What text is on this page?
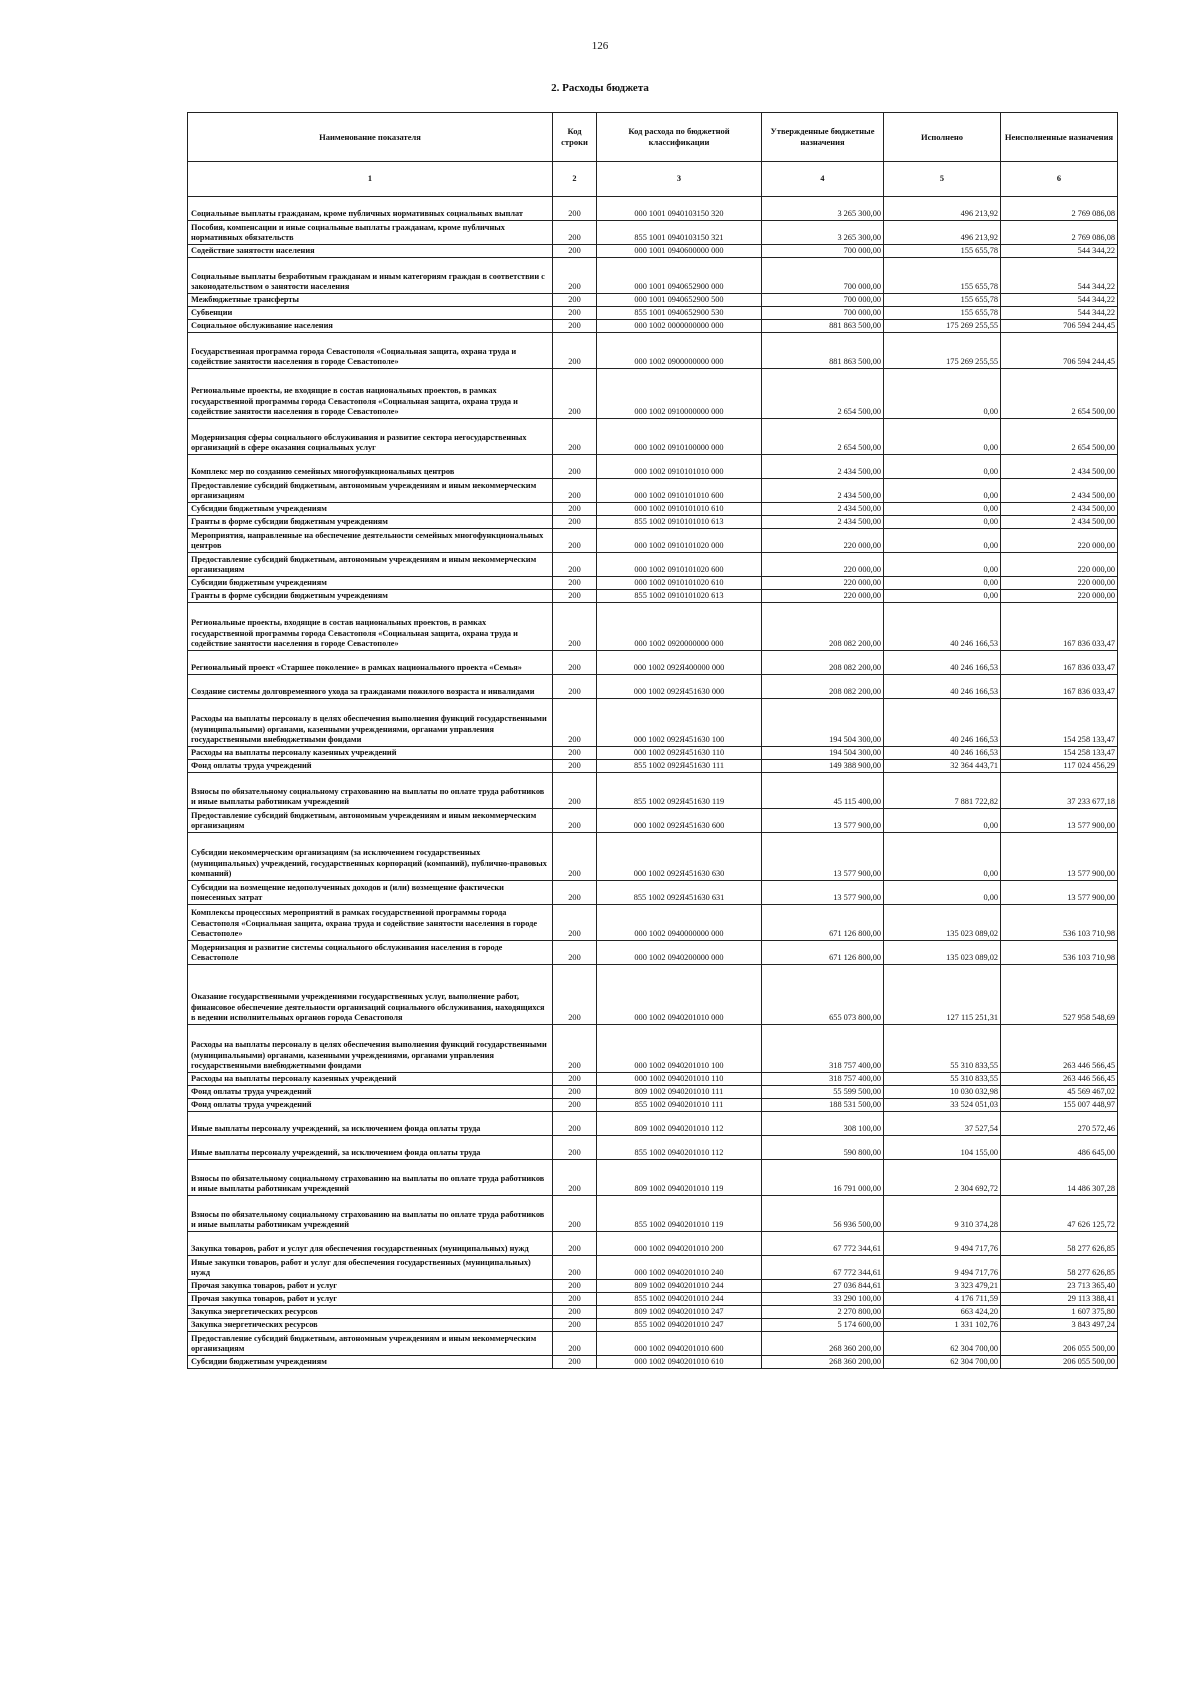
126
2. Расходы бюджета
Наименование показателя	Код строки	Код расхода по бюджетной классификации	Утвержденные бюджетные назначения	Исполнено	Неисполненные назначения
1	2	3	4	5	6
Социальные выплаты гражданам, кроме публичных нормативных социальных выплат	200	000 1001 0940103150 320	3 265 300,00	496 213,92	2 769 086,08
Пособия, компенсации и иные социальные выплаты гражданам, кроме публичных нормативных обязательств	200	855 1001 0940103150 321	3 265 300,00	496 213,92	2 769 086,08
Содействие занятости населения	200	000 1001 0940600000 000	700 000,00	155 655,78	544 344,22
Социальные выплаты безработным гражданам и иным категориям граждан в соответствии с законодательством о занятости населения	200	000 1001 0940652900 000	700 000,00	155 655,78	544 344,22
Межбюджетные трансферты	200	000 1001 0940652900 500	700 000,00	155 655,78	544 344,22
Субвенции	200	855 1001 0940652900 530	700 000,00	155 655,78	544 344,22
Социальное обслуживание населения	200	000 1002 0000000000 000	881 863 500,00	175 269 255,55	706 594 244,45
Государственная программа города Севастополя «Социальная защита, охрана труда и содействие занятости населения в городе Севастополе»	200	000 1002 0900000000 000	881 863 500,00	175 269 255,55	706 594 244,45
Региональные проекты, не входящие в состав национальных проектов, в рамках государственной программы города Севастополя «Социальная защита, охрана труда и содействие занятости населения в городе Севастополе»	200	000 1002 0910000000 000	2 654 500,00	0,00	2 654 500,00
Модернизация сферы социального обслуживания и развитие сектора негосударственных организаций в сфере оказания социальных услуг	200	000 1002 0910100000 000	2 654 500,00	0,00	2 654 500,00
Комплекс мер по созданию семейных многофункциональных центров	200	000 1002 0910101010 000	2 434 500,00	0,00	2 434 500,00
Предоставление субсидий бюджетным, автономным учреждениям и иным некоммерческим организациям	200	000 1002 0910101010 600	2 434 500,00	0,00	2 434 500,00
Субсидии бюджетным учреждениям	200	000 1002 0910101010 610	2 434 500,00	0,00	2 434 500,00
Гранты в форме субсидии бюджетным учреждениям	200	855 1002 0910101010 613	2 434 500,00	0,00	2 434 500,00
Мероприятия, направленные на обеспечение деятельности семейных многофункциональных центров	200	000 1002 0910101020 000	220 000,00	0,00	220 000,00
Предоставление субсидий бюджетным, автономным учреждениям и иным некоммерческим организациям	200	000 1002 0910101020 600	220 000,00	0,00	220 000,00
Субсидии бюджетным учреждениям	200	000 1002 0910101020 610	220 000,00	0,00	220 000,00
Гранты в форме субсидии бюджетным учреждениям	200	855 1002 0910101020 613	220 000,00	0,00	220 000,00
Региональные проекты, входящие в состав национальных проектов, в рамках государственной программы города Севастополя «Социальная защита, охрана труда и содействие занятости населения в городе Севастополе»	200	000 1002 0920000000 000	208 082 200,00	40 246 166,53	167 836 033,47
Региональный проект «Старшее поколение» в рамках национального проекта «Семья»	200	000 1002 092Я400000 000	208 082 200,00	40 246 166,53	167 836 033,47
Создание системы долговременного ухода за гражданами пожилого возраста и инвалидами	200	000 1002 092Я451630 000	208 082 200,00	40 246 166,53	167 836 033,47
Расходы на выплаты персоналу в целях обеспечения выполнения функций государственными (муниципальными) органами, казенными учреждениями, органами управления государственными внебюджетными фондами	200	000 1002 092Я451630 100	194 504 300,00	40 246 166,53	154 258 133,47
Расходы на выплаты персоналу казенных учреждений	200	000 1002 092Я451630 110	194 504 300,00	40 246 166,53	154 258 133,47
Фонд оплаты труда учреждений	200	855 1002 092Я451630 111	149 388 900,00	32 364 443,71	117 024 456,29
Взносы по обязательному социальному страхованию на выплаты по оплате труда работников и иные выплаты работникам учреждений	200	855 1002 092Я451630 119	45 115 400,00	7 881 722,82	37 233 677,18
Предоставление субсидий бюджетным, автономным учреждениям и иным некоммерческим организациям	200	000 1002 092Я451630 600	13 577 900,00	0,00	13 577 900,00
Субсидии некоммерческим организациям (за исключением государственных (муниципальных) учреждений, государственных корпораций (компаний), публично-правовых компаний)	200	000 1002 092Я451630 630	13 577 900,00	0,00	13 577 900,00
Субсидии на возмещение недополученных доходов и (или) возмещение фактически понесенных затрат	200	855 1002 092Я451630 631	13 577 900,00	0,00	13 577 900,00
Комплексы процессных мероприятий в рамках государственной программы города Севастополя «Социальная защита, охрана труда и содействие занятости населения в городе Севастополе»	200	000 1002 0940000000 000	671 126 800,00	135 023 089,02	536 103 710,98
Модернизация и развитие системы социального обслуживания населения в городе Севастополе	200	000 1002 0940200000 000	671 126 800,00	135 023 089,02	536 103 710,98
Оказание государственными учреждениями государственных услуг, выполнение работ, финансовое обеспечение деятельности организаций социального обслуживания, находящихся в ведении исполнительных органов города Севастополя	200	000 1002 0940201010 000	655 073 800,00	127 115 251,31	527 958 548,69
Расходы на выплаты персоналу в целях обеспечения выполнения функций государственными (муниципальными) органами, казенными учреждениями, органами управления государственными внебюджетными фондами	200	000 1002 0940201010 100	318 757 400,00	55 310 833,55	263 446 566,45
Расходы на выплаты персоналу казенных учреждений	200	000 1002 0940201010 110	318 757 400,00	55 310 833,55	263 446 566,45
Фонд оплаты труда учреждений	200	809 1002 0940201010 111	55 599 500,00	10 030 032,98	45 569 467,02
Фонд оплаты труда учреждений	200	855 1002 0940201010 111	188 531 500,00	33 524 051,03	155 007 448,97
Иные выплаты персоналу учреждений, за исключением фонда оплаты труда	200	809 1002 0940201010 112	308 100,00	37 527,54	270 572,46
Иные выплаты персоналу учреждений, за исключением фонда оплаты труда	200	855 1002 0940201010 112	590 800,00	104 155,00	486 645,00
Взносы по обязательному социальному страхованию на выплаты по оплате труда работников и иные выплаты работникам учреждений	200	809 1002 0940201010 119	16 791 000,00	2 304 692,72	14 486 307,28
Взносы по обязательному социальному страхованию на выплаты по оплате труда работников и иные выплаты работникам учреждений	200	855 1002 0940201010 119	56 936 500,00	9 310 374,28	47 626 125,72
Закупка товаров, работ и услуг для обеспечения государственных (муниципальных) нужд	200	000 1002 0940201010 200	67 772 344,61	9 494 717,76	58 277 626,85
Иные закупки товаров, работ и услуг для обеспечения государственных (муниципальных) нужд	200	000 1002 0940201010 240	67 772 344,61	9 494 717,76	58 277 626,85
Прочая закупка товаров, работ и услуг	200	809 1002 0940201010 244	27 036 844,61	3 323 479,21	23 713 365,40
Прочая закупка товаров, работ и услуг	200	855 1002 0940201010 244	33 290 100,00	4 176 711,59	29 113 388,41
Закупка энергетических ресурсов	200	809 1002 0940201010 247	2 270 800,00	663 424,20	1 607 375,80
Закупка энергетических ресурсов	200	855 1002 0940201010 247	5 174 600,00	1 331 102,76	3 843 497,24
Предоставление субсидий бюджетным, автономным учреждениям и иным некоммерческим организациям	200	000 1002 0940201010 600	268 360 200,00	62 304 700,00	206 055 500,00
Субсидии бюджетным учреждениям	200	000 1002 0940201010 610	268 360 200,00	62 304 700,00	206 055 500,00
